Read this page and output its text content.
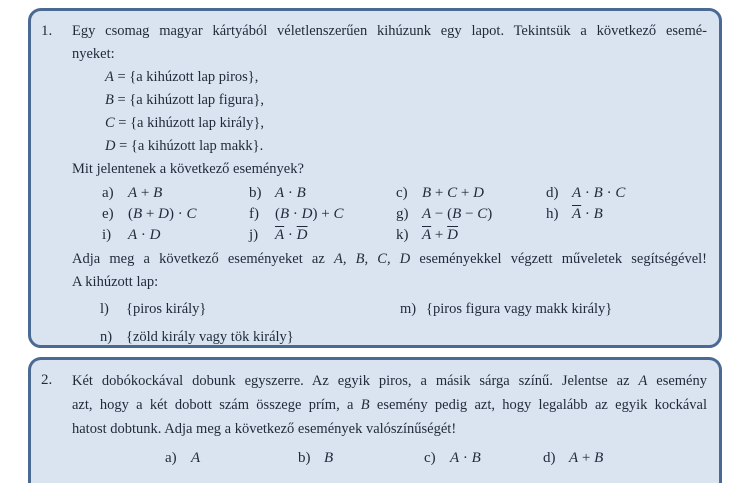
1.	Egy csomag magyar kártyából véletlenszerűen kihúzunk egy lapot. Tekintsük a következő esemé-
nyeket:
A = {a kihúzott lap piros},
B = {a kihúzott lap figura},
C = {a kihúzott lap király},
D = {a kihúzott lap makk}.
Mit jelentenek a következő események?
a) A + B	b) A · B	c) B + C + D	d) A · B · C
e) (B + D) · C	f) (B · D) + C	g) A − (B − C)	h) $\overline{A} \cdot B$
i) A · D	j) $\overline{A} \cdot \overline{D}$	k) $\overline{A} + \overline{D}$
Adja meg a következő eseményeket az A, B, C, D eseményekkel végzett műveletek segítségével!
A kihúzott lap:
l) {piros király}	m) {piros figura vagy makk király}
n) {zöld király vagy tök király}
2.	Két dobókockával dobunk egyszerre. Az egyik piros, a másik sárga színű. Jelentse az A esemény
azt, hogy a két dobott szám összege prím, a B esemény pedig azt, hogy legalább az egyik kockával
hatost dobtunk. Adja meg a következő események valószínűségét!
a) A	b) B	c) A · B	d) A + B
